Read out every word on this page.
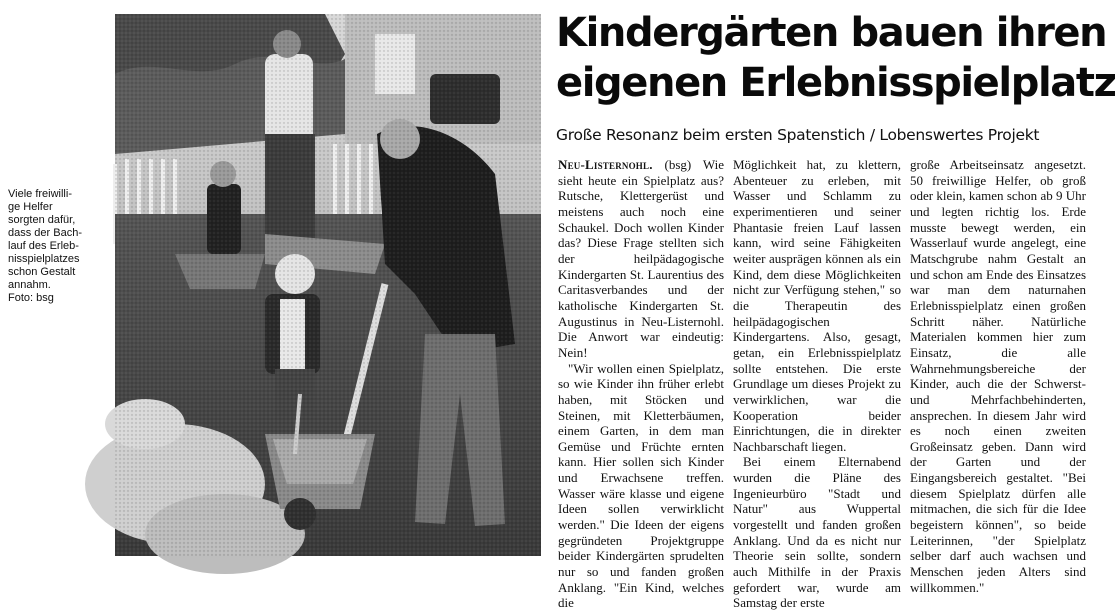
Viele freiwilli-
ge Helfer
sorgten dafür,
dass der Bach-
lauf des Erleb-
nisspielplatzes
schon Gestalt
annahm.
Foto: bsg
Kindergärten bauen ihren
eigenen Erlebnisspielplatz
Große Resonanz beim ersten Spatenstich / Lobenswertes Projekt

Neu-Listernohl. (bsg) Wie sieht heute ein Spielplatz aus? Rutsche, Klettergerüst und meistens auch noch eine Schaukel. Doch wollen Kinder das? Diese Frage stellten sich der heilpädagogische Kindergarten St. Laurentius des Caritasverbandes und der katholische Kindergarten St. Augustinus in Neu-Listernohl. Die Anwort war eindeutig: Nein!

"Wir wollen einen Spielplatz, so wie Kinder ihn früher erlebt haben, mit Stöcken und Steinen, mit Kletterbäumen, einem Garten, in dem man Gemüse und Früchte ernten kann. Hier sollen sich Kinder und Erwachsene treffen. Wasser wäre klasse und eigene Ideen sollen verwirklicht werden." Die Ideen der eigens gegründeten Projektgruppe beider Kindergärten sprudelten nur so und fanden großen Anklang. "Ein Kind, welches die

Möglichkeit hat, zu klettern, Abenteuer zu erleben, mit Wasser und Schlamm zu experimentieren und seiner Phantasie freien Lauf lassen kann, wird seine Fähigkeiten weiter ausprägen können als ein Kind, dem diese Möglichkeiten nicht zur Verfügung stehen," so die Therapeutin des heilpädagogischen Kindergartens. Also, gesagt, getan, ein Erlebnisspielplatz sollte entstehen. Die erste Grundlage um dieses Projekt zu verwirklichen, war die Kooperation beider Einrichtungen, die in direkter Nachbarschaft liegen.

Bei einem Elternabend wurden die Pläne des Ingenieurbüro "Stadt und Natur" aus Wuppertal vorgestellt und fanden großen Anklang. Und da es nicht nur Theorie sein sollte, sondern auch Mithilfe in der Praxis gefordert war, wurde am Samstag der erste

große Arbeitseinsatz angesetzt. 50 freiwillige Helfer, ob groß oder klein, kamen schon ab 9 Uhr und legten richtig los. Erde musste bewegt werden, ein Wasserlauf wurde angelegt, eine Matschgrube nahm Gestalt an und schon am Ende des Einsatzes war man dem naturnahen Erlebnisspielplatz einen großen Schritt näher. Natürliche Materialen kommen hier zum Einsatz, die alle Wahrnehmungsbereiche der Kinder, auch die der Schwerst- und Mehrfachbehinderten, ansprechen. In diesem Jahr wird es noch einen zweiten Großeinsatz geben. Dann wird der Garten und der Eingangsbereich gestaltet. "Bei diesem Spielplatz dürfen alle mitmachen, die sich für die Idee begeistern können", so beide Leiterinnen, "der Spielplatz selber darf auch wachsen und Menschen jeden Alters sind willkommen."
